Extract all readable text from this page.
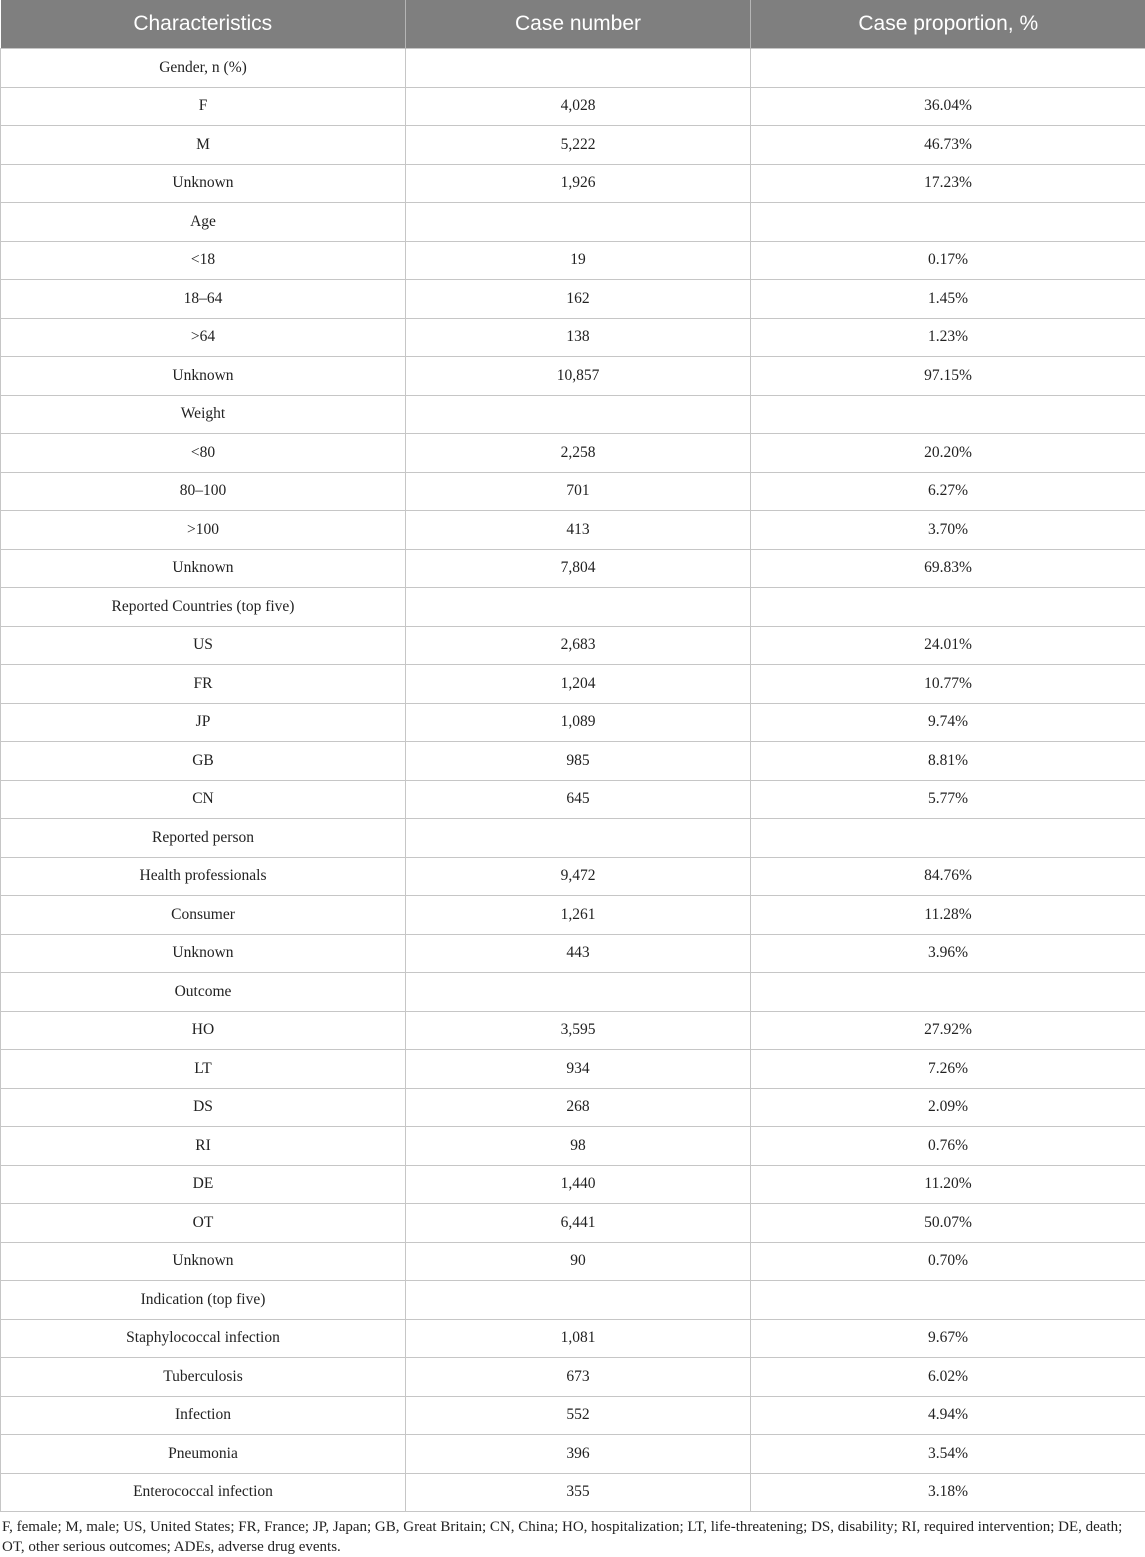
Characteristics	Case number	Case proportion, %
Gender, n (%)		
F	4,028	36.04%
M	5,222	46.73%
Unknown	1,926	17.23%
Age		
<18	19	0.17%
18–64	162	1.45%
>64	138	1.23%
Unknown	10,857	97.15%
Weight		
<80	2,258	20.20%
80–100	701	6.27%
>100	413	3.70%
Unknown	7,804	69.83%
Reported Countries (top five)		
US	2,683	24.01%
FR	1,204	10.77%
JP	1,089	9.74%
GB	985	8.81%
CN	645	5.77%
Reported person		
Health professionals	9,472	84.76%
Consumer	1,261	11.28%
Unknown	443	3.96%
Outcome		
HO	3,595	27.92%
LT	934	7.26%
DS	268	2.09%
RI	98	0.76%
DE	1,440	11.20%
OT	6,441	50.07%
Unknown	90	0.70%
Indication (top five)		
Staphylococcal infection	1,081	9.67%
Tuberculosis	673	6.02%
Infection	552	4.94%
Pneumonia	396	3.54%
Enterococcal infection	355	3.18%
F, female; M, male; US, United States; FR, France; JP, Japan; GB, Great Britain; CN, China; HO, hospitalization; LT, life-threatening; DS, disability; RI, required intervention; DE, death; OT, other serious outcomes; ADEs, adverse drug events.
